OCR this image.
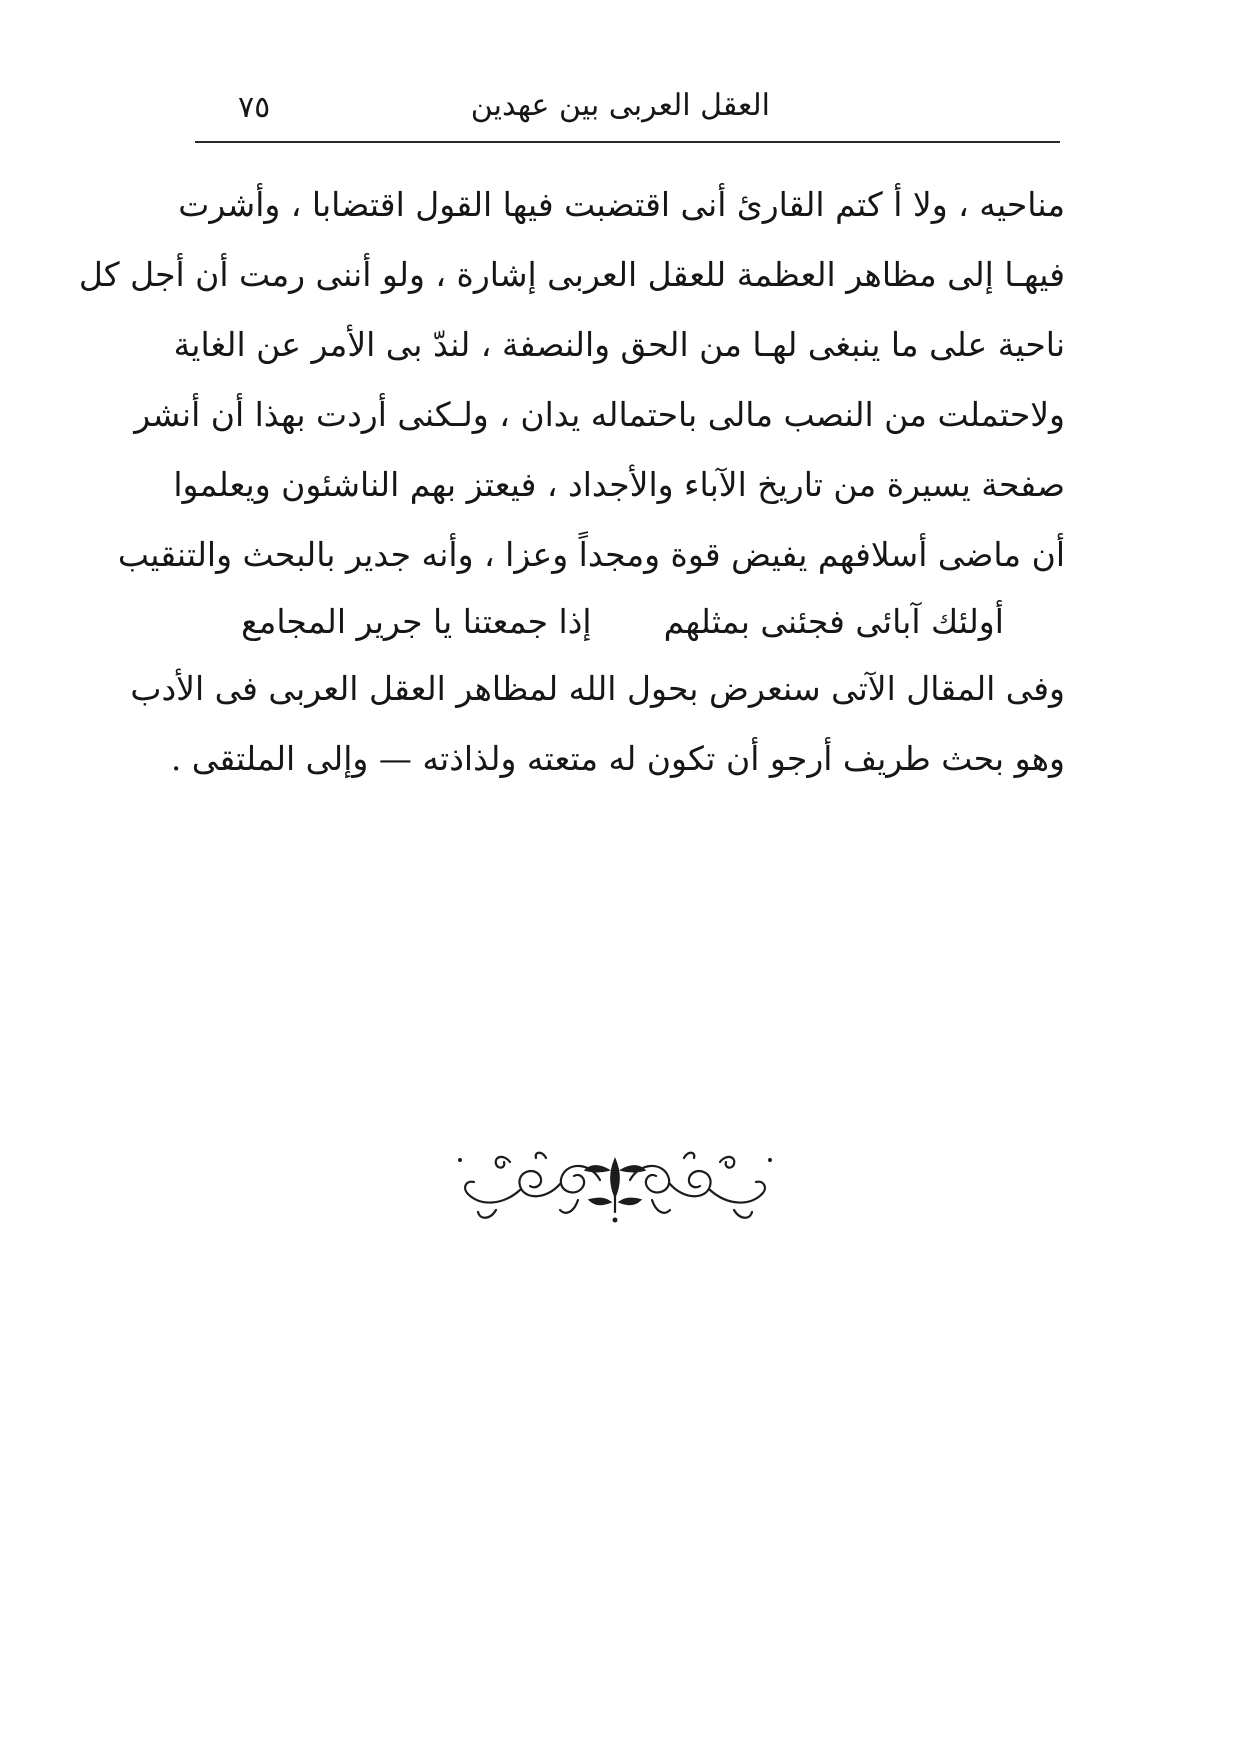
العقل العربى بين عهدين
٧٥
مناحيه ، ولا أ كتم القارئ أنى اقتضبت فيها القول اقتضابا ، وأشرت
فيهـا إلى مظاهر العظمة للعقل العربى إشارة ، ولو أننى رمت أن أجل كل
ناحية على ما ينبغى لهـا من الحق والنصفة ، لندّ بى الأمر عن الغاية
ولاحتملت من النصب مالى باحتماله يدان ، ولـكنى أردت بهذا أن أنشر
صفحة يسيرة من تاريخ الآباء والأجداد ، فيعتز بهم الناشئون ويعلموا
أن ماضى أسلافهم يفيض قوة ومجداً وعزا ، وأنه جدير بالبحث والتنقيب
أولئك آبائى فجئنى بمثلهم
إذا جمعتنا يا جرير المجامع
وفى المقال الآتى سنعرض بحول الله لمظاهر العقل العربى فى الأدب
وهو بحث طريف أرجو أن تكون له متعته ولذاذته — وإلى الملتقى .
